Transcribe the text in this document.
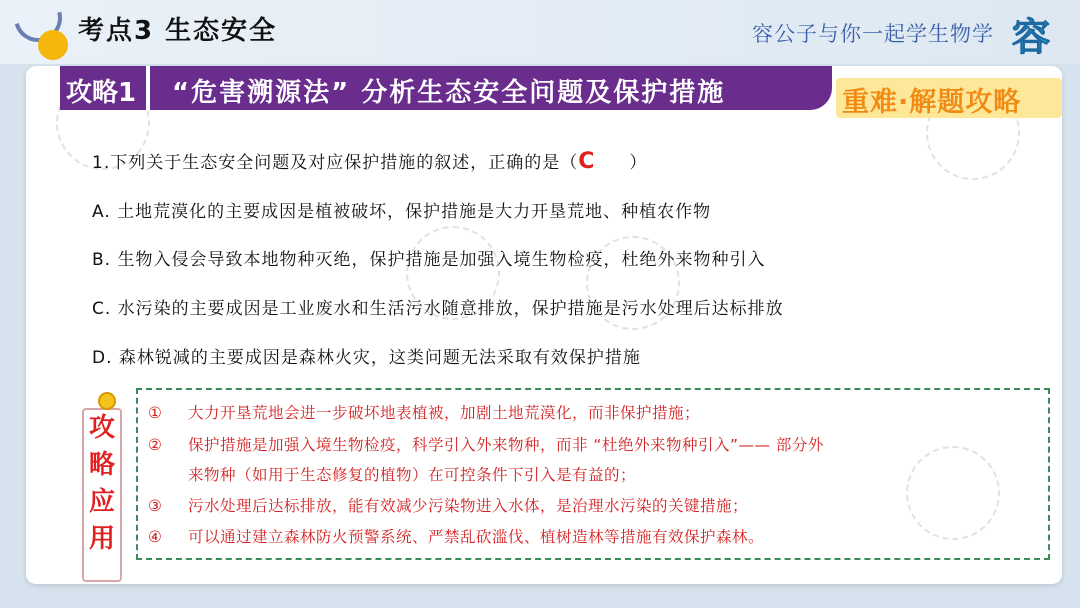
考点3 生态安全	容公子与你一起学生物学 容
攻略1 “危害溯源法” 分析生态安全问题及保护措施	重难·解题攻略
1.下列关于生态安全问题及对应保护措施的叙述，正确的是（C ）
A. 土地荒漠化的主要成因是植被破坏，保护措施是大力开垦荒地、种植农作物
B. 生物入侵会导致本地物种灭绝，保护措施是加强入境生物检疫，杜绝外来物种引入
C. 水污染的主要成因是工业废水和生活污水随意排放，保护措施是污水处理后达标排放
D. 森林锐减的主要成因是森林火灾，这类问题无法采取有效保护措施
攻
略
应
用
① 大力开垦荒地会进一步破坏地表植被，加剧土地荒漠化，而非保护措施；
② 保护措施是加强入境生物检疫，科学引入外来物种，而非 “杜绝外来物种引入”—— 部分外
来物种（如用于生态修复的植物）在可控条件下引入是有益的；
③ 污水处理后达标排放，能有效减少污染物进入水体，是治理水污染的关键措施；
④ 可以通过建立森林防火预警系统、严禁乱砍滥伐、植树造林等措施有效保护森林。
